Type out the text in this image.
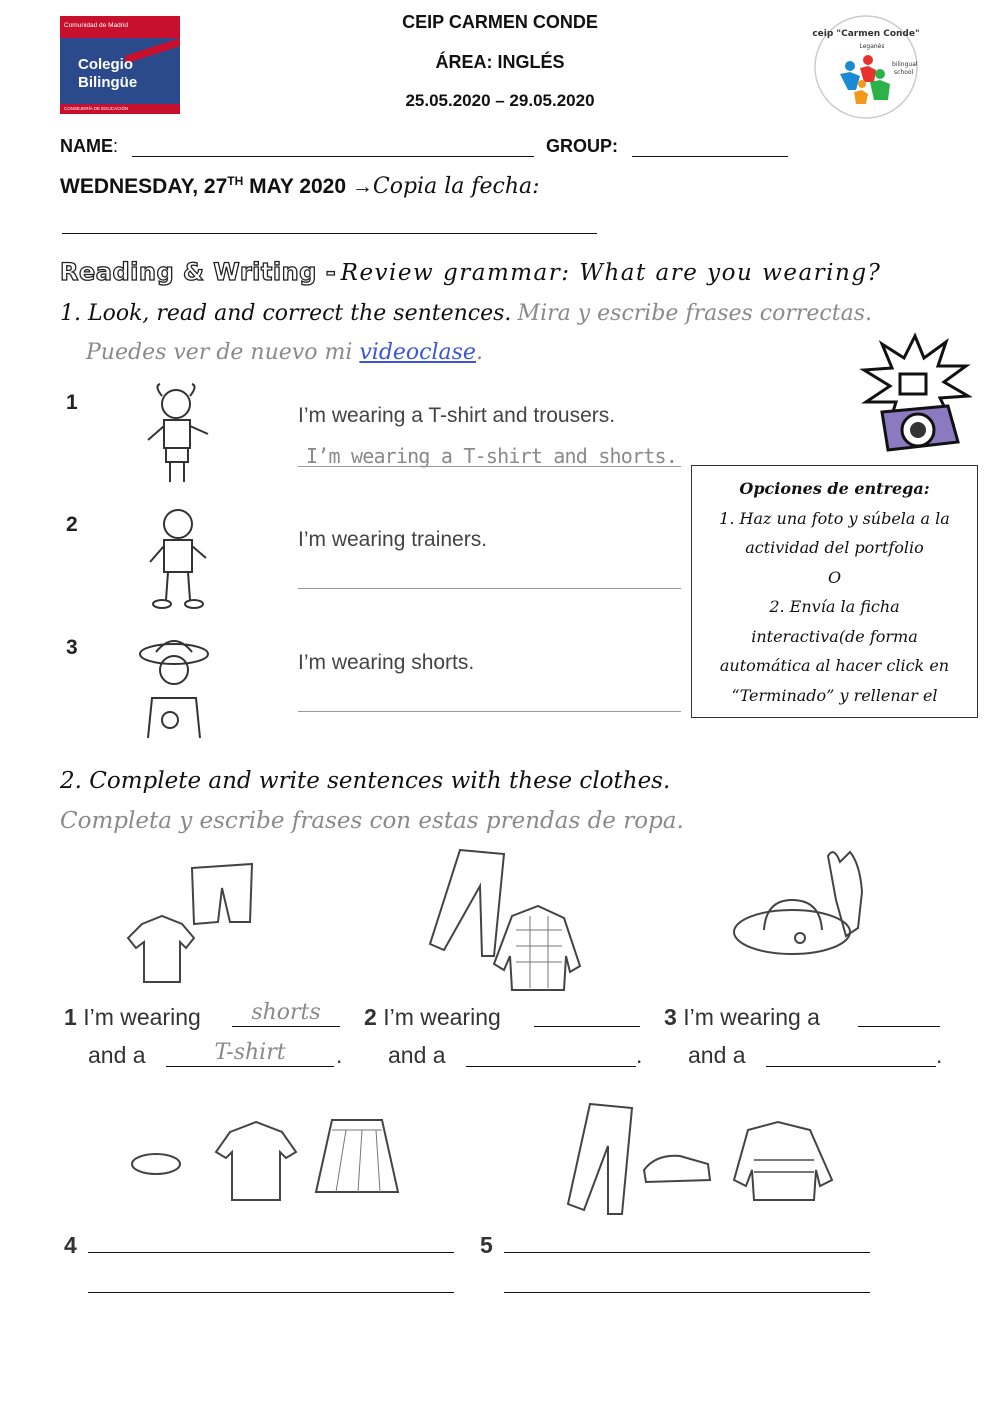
Comunidad de Madrid
Colegio
Bilingüe
CONSEJERÍA DE EDUCACIÓN
CEIP CARMEN CONDE
ÁREA: INGLÉS
25.05.2020 – 29.05.2020
ceip "Carmen Conde"
Leganés
bilingual
school
NAME:	GROUP:
WEDNESDAY, 27TH MAY 2020 →Copia la fecha:
Reading & Writing - Review grammar: What are you wearing?
1. Look, read and correct the sentences. Mira y escribe frases correctas.
Puedes ver de nuevo mi videoclase.
1
I’m wearing a T-shirt and trousers.
I’m wearing a T-shirt and shorts.
2
I’m wearing trainers.
3
I’m wearing shorts.
Opciones de entrega:
1. Haz una foto y súbela a la
actividad del portfolio
O
2. Envía la ficha
interactiva(de forma
automática al hacer click en
“Terminado” y rellenar el
2. Complete and write sentences with these clothes.
Completa y escribe frases con estas prendas de ropa.
1 I’m wearing	shorts
and a	T-shirt	.
2 I’m wearing
and a	.
3 I’m wearing a
and a	.
4	5
